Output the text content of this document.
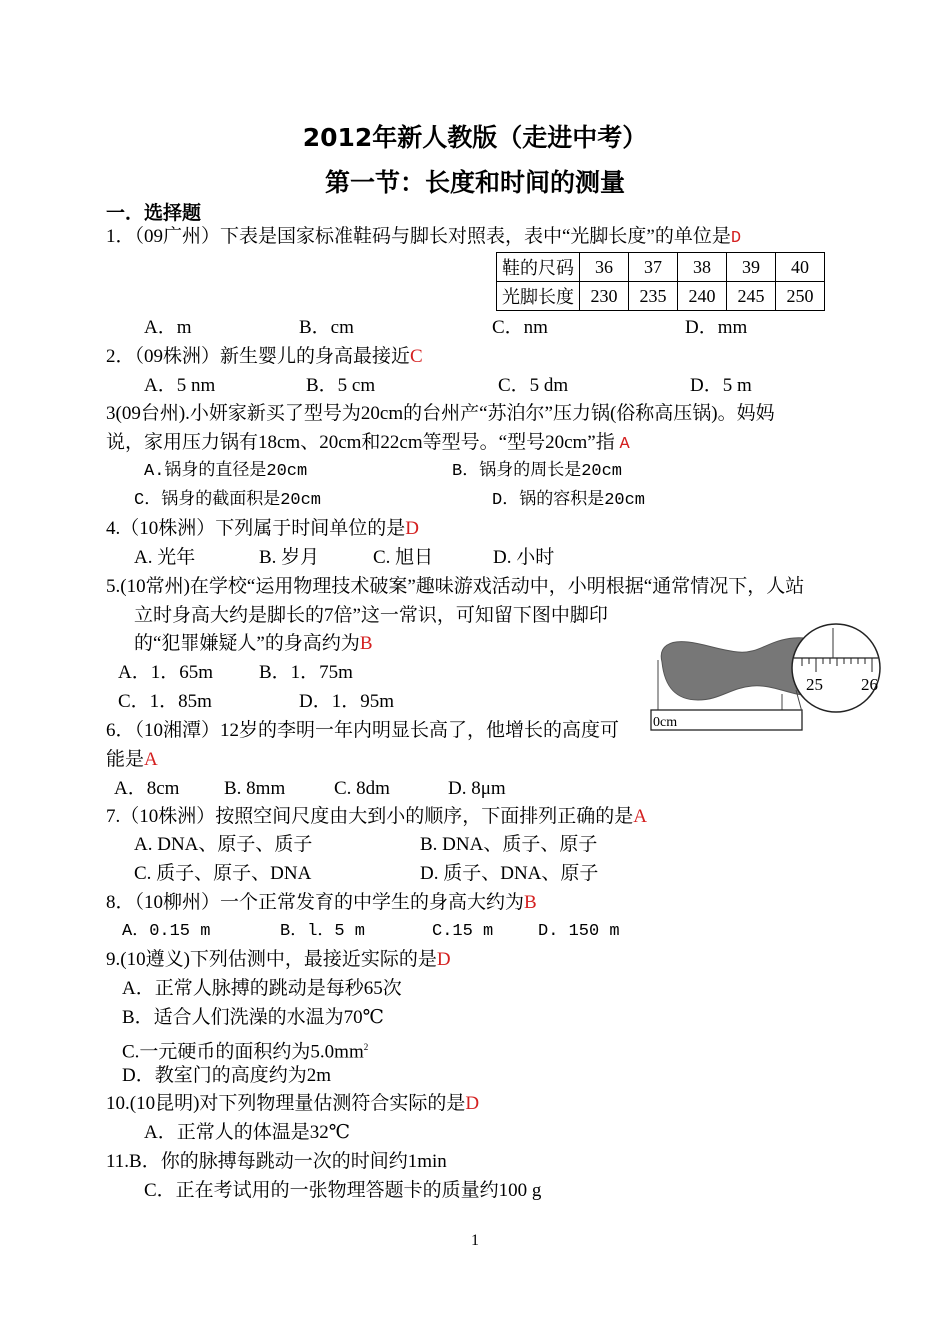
2012年新人教版（走进中考）
第一节：长度和时间的测量
一．选择题
1．（09广州）下表是国家标准鞋码与脚长对照表，表中“光脚长度”的单位是D
鞋的尺码	36	37	38	39	40
光脚长度	230	235	240	245	250
A．m	B．cm	C．nm	D．mm
2．（09株洲）新生婴儿的身高最接近C
A．5 nm	B．5 cm	C．5 dm	D．5 m
3(09台州).小妍家新买了型号为20cm的台州产“苏泊尔”压力锅(俗称高压锅)。妈妈
说，家用压力锅有18cm、20cm和22cm等型号。“型号20cm”指 A
A.锅身的直径是20cm	B．锅身的周长是20cm
C．锅身的截面积是20cm	D．锅的容积是20cm
4.（10株洲）下列属于时间单位的是D
A. 光年	B. 岁月	C. 旭日	D. 小时
5.(10常州)在学校“运用物理技术破案”趣味游戏活动中，小明根据“通常情况下，人站
立时身高大约是脚长的7倍”这一常识，可知留下图中脚印
的“犯罪嫌疑人”的身高约为B
A．1．65m B．1．75m
C．1．85m	D．1．95m
0cm
25 26
6．（10湘潭）12岁的李明一年内明显长高了，他增长的高度可
能是A
A．8cm B. 8mm	C. 8dm	D. 8μm
7.（10株洲）按照空间尺度由大到小的顺序，下面排列正确的是A
A. DNA、原子、质子	B. DNA、质子、原子
C. 质子、原子、DNA	D. 质子、DNA、原子
8．（10柳州）一个正常发育的中学生的身高大约为B
A．0.15 m	B．l．5 m	C.15 m	D. 150 m
9.(10遵义)下列估测中，最接近实际的是D
A．正常人脉搏的跳动是每秒65次
B．适合人们洗澡的水温为70℃
C.一元硬币的面积约为$5.0mm^2$
D．教室门的高度约为2m
10.(10昆明)对下列物理量估测符合实际的是D
A．正常人的体温是32℃
11.B．你的脉搏每跳动一次的时间约1min
C．正在考试用的一张物理答题卡的质量约100 g
1
